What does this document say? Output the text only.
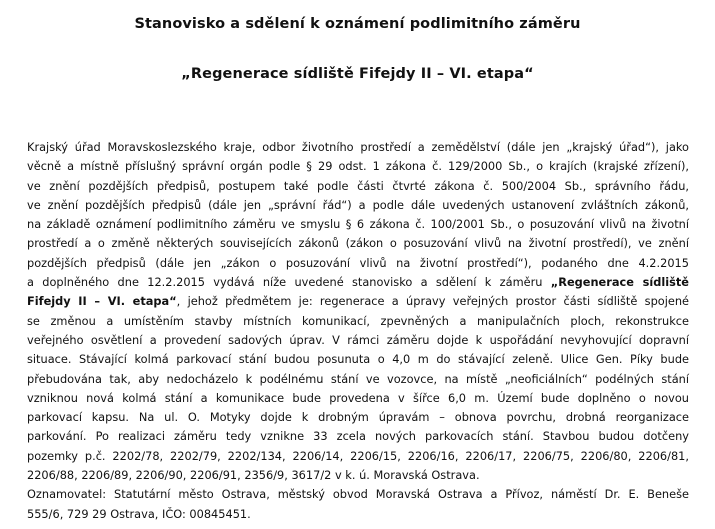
Stanovisko a sdělení k oznámení podlimitního záměru
„Regenerace sídliště Fifejdy II – VI. etapa“
Krajský úřad Moravskoslezského kraje, odbor životního prostředí a zemědělství (dále jen „krajský úřad“), jako
věcně a místně příslušný správní orgán podle § 29 odst. 1 zákona č. 129/2000 Sb., o krajích (krajské zřízení),
ve znění pozdějších předpisů, postupem také podle části čtvrté zákona č. 500/2004 Sb., správního řádu,
ve znění pozdějších předpisů (dále jen „správní řád“) a podle dále uvedených ustanovení zvláštních zákonů,
na základě oznámení podlimitního záměru ve smyslu § 6 zákona č. 100/2001 Sb., o posuzování vlivů na životní
prostředí a o změně některých souvisejících zákonů (zákon o posuzování vlivů na životní prostředí), ve znění
pozdějších předpisů (dále jen „zákon o posuzování vlivů na životní prostředí“), podaného dne 4.2.2015
a doplněného dne 12.2.2015 vydává níže uvedené stanovisko a sdělení k záměru „Regenerace sídliště
Fifejdy II – VI. etapa“, jehož předmětem je: regenerace a úpravy veřejných prostor části sídliště spojené
se změnou a umístěním stavby místních komunikací, zpevněných a manipulačních ploch, rekonstrukce
veřejného osvětlení a provedení sadových úprav. V rámci záměru dojde k uspořádání nevyhovující dopravní
situace. Stávající kolmá parkovací stání budou posunuta o 4,0 m do stávající zeleně. Ulice Gen. Píky bude
přebudována tak, aby nedocházelo k podélnému stání ve vozovce, na místě „neoficiálních“ podélných stání
vzniknou nová kolmá stání a komunikace bude provedena v šířce 6,0 m. Území bude doplněno o novou
parkovací kapsu. Na ul. O. Motyky dojde k drobným úpravám – obnova povrchu, drobná reorganizace
parkování. Po realizaci záměru tedy vznikne 33 zcela nových parkovacích stání. Stavbou budou dotčeny
pozemky p.č. 2202/78, 2202/79, 2202/134, 2206/14, 2206/15, 2206/16, 2206/17, 2206/75, 2206/80, 2206/81,
2206/88, 2206/89, 2206/90, 2206/91, 2356/9, 3617/2 v k. ú. Moravská Ostrava.
Oznamovatel: Statutární město Ostrava, městský obvod Moravská Ostrava a Přívoz, náměstí Dr. E. Beneše
555/6, 729 29 Ostrava, IČO: 00845451.
